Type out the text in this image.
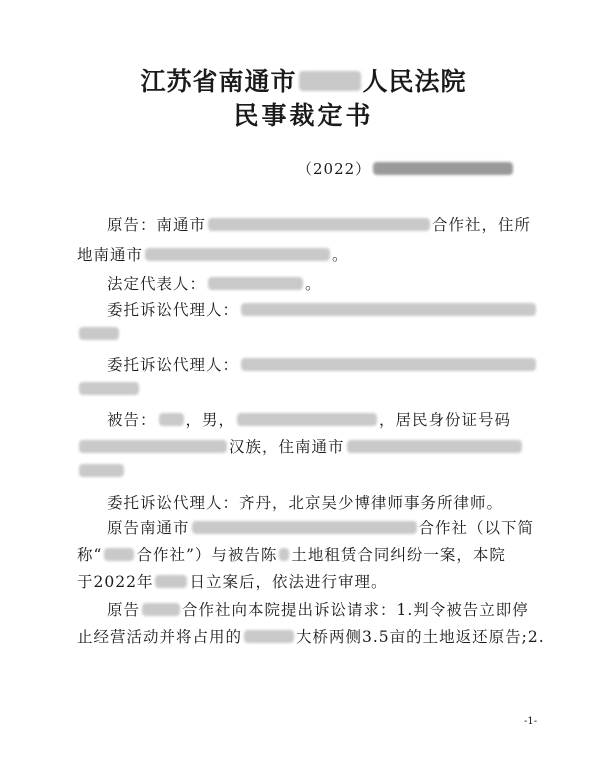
江苏省南通市	人民法院
民事裁定书
（2022）
原告：南通市	合作社，住所
地南通市	。
法定代表人：	。
委托诉讼代理人：
委托诉讼代理人：
被告： ，男，	，居民身份证号码
汉族，住南通市
委托诉讼代理人：齐丹，北京吴少博律师事务所律师。
原告南通市	合作社（以下简
称“ 合作社”）与被告陈 土地租赁合同纠纷一案，本院
于2022年 日立案后，依法进行审理。
原告	合作社向本院提出诉讼请求：1.判令被告立即停
止经营活动并将占用的	大桥两侧3.5亩的土地返还原告;2.
-1-
